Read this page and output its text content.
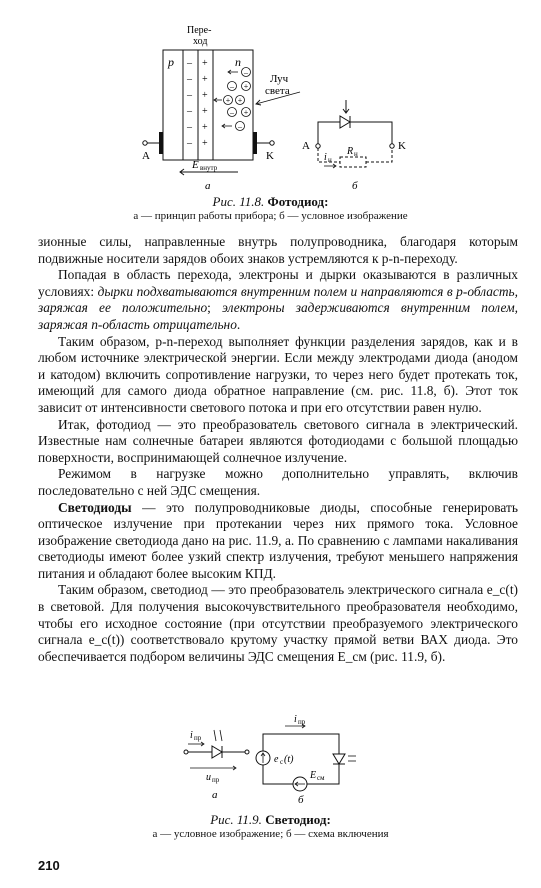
Пере-
ход
p	n
– +
– +
– +
– +
– +
– +
–
– +
+ +
– +
–
Луч
света
A	K
E внутр
а
A	K
i н
R н
б
Рис. 11.8. Фотодиод:
а — принцип работы прибора; б — условное изображение

зионные силы, направленные внутрь полупроводника, благодаря которым подвижные носители зарядов обоих знаков устремляются к p-n-переходу.

Попадая в область перехода, электроны и дырки оказываются в различных условиях: дырки подхватываются внутренним полем и направляются в p-область, заряжая ее положительно; электроны задерживаются внутренним полем, заряжая n-область отрицательно.

Таким образом, p-n-переход выполняет функции разделения зарядов, как и в любом источнике электрической энергии. Если между электродами диода (анодом и катодом) включить сопротивление нагрузки, то через него будет протекать ток, имеющий для самого диода обратное направление (см. рис. 11.8, б). Этот ток зависит от интенсивности светового потока и при его отсутствии равен нулю.

Итак, фотодиод — это преобразователь светового сигнала в электрический. Известные нам солнечные батареи являются фотодиодами с большой площадью поверхности, воспринимающей солнечное излучение.

Режимом в нагрузке можно дополнительно управлять, включив последовательно с ней ЭДС смещения.

Светодиоды — это полупроводниковые диоды, способные генерировать оптическое излучение при протекании через них прямого тока. Условное изображение светодиода дано на рис. 11.9, а. По сравнению с лампами накаливания светодиоды имеют более узкий спектр излучения, требуют меньшего напряжения питания и обладают более высоким КПД.

Таким образом, светодиод — это преобразователь электрического сигнала e_c(t) в световой. Для получения высокочувствительного преобразователя необходимо, чтобы его исходное состояние (при отсутствии преобразуемого электрического сигнала e_c(t)) соответствовало крутому участку прямой ветви ВАХ диода. Это обеспечивается подбором величины ЭДС смещения E_см (рис. 11.9, б).

i пр
u пр
а
e c (t)
E см
i пр
б
Рис. 11.9. Светодиод:
а — условное изображение; б — схема включения
210
